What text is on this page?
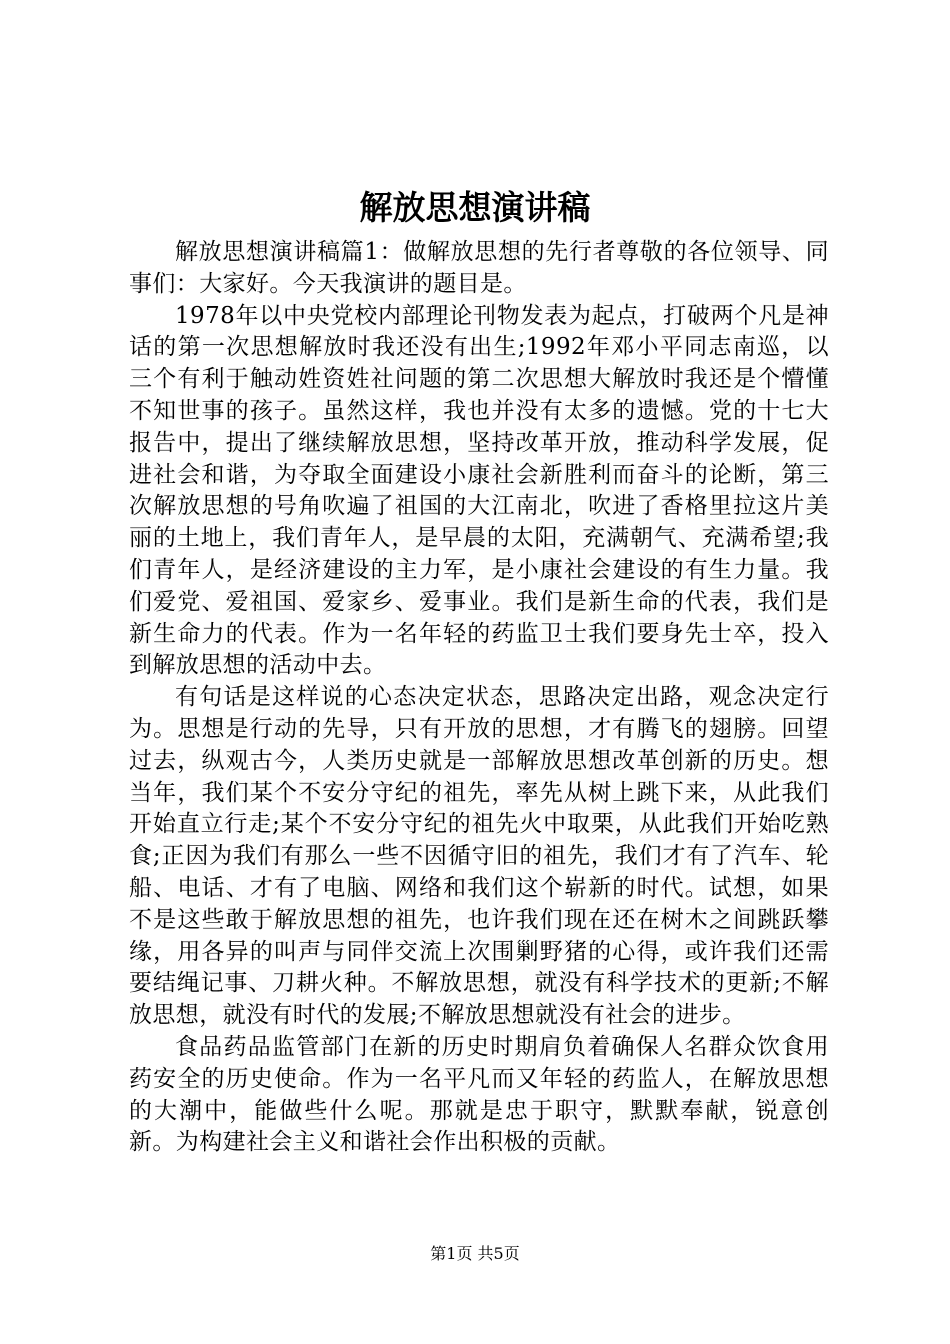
解放思想演讲稿

解放思想演讲稿篇1：做解放思想的先行者尊敬的各位领导、同事们：大家好。今天我演讲的题目是。

1978年以中央党校内部理论刊物发表为起点，打破两个凡是神话的第一次思想解放时我还没有出生;1992年邓小平同志南巡，以三个有利于触动姓资姓社问题的第二次思想大解放时我还是个懵懂不知世事的孩子。虽然这样，我也并没有太多的遗憾。党的十七大报告中，提出了继续解放思想，坚持改革开放，推动科学发展，促进社会和谐，为夺取全面建设小康社会新胜利而奋斗的论断，第三次解放思想的号角吹遍了祖国的大江南北，吹进了香格里拉这片美丽的土地上，我们青年人，是早晨的太阳，充满朝气、充满希望;我们青年人，是经济建设的主力军，是小康社会建设的有生力量。我们爱党、爱祖国、爱家乡、爱事业。我们是新生命的代表，我们是新生命力的代表。作为一名年轻的药监卫士我们要身先士卒，投入到解放思想的活动中去。

有句话是这样说的心态决定状态，思路决定出路，观念决定行为。思想是行动的先导，只有开放的思想，才有腾飞的翅膀。回望过去，纵观古今，人类历史就是一部解放思想改革创新的历史。想当年，我们某个不安分守纪的祖先，率先从树上跳下来，从此我们开始直立行走;某个不安分守纪的祖先火中取栗，从此我们开始吃熟食;正因为我们有那么一些不因循守旧的祖先，我们才有了汽车、轮船、电话、才有了电脑、网络和我们这个崭新的时代。试想，如果不是这些敢于解放思想的祖先，也许我们现在还在树木之间跳跃攀缘，用各异的叫声与同伴交流上次围剿野猪的心得，或许我们还需要结绳记事、刀耕火种。不解放思想，就没有科学技术的更新;不解放思想，就没有时代的发展;不解放思想就没有社会的进步。

食品药品监管部门在新的历史时期肩负着确保人名群众饮食用药安全的历史使命。作为一名平凡而又年轻的药监人，在解放思想的大潮中，能做些什么呢。那就是忠于职守，默默奉献，锐意创新。为构建社会主义和谐社会作出积极的贡献。

第1页 共5页
